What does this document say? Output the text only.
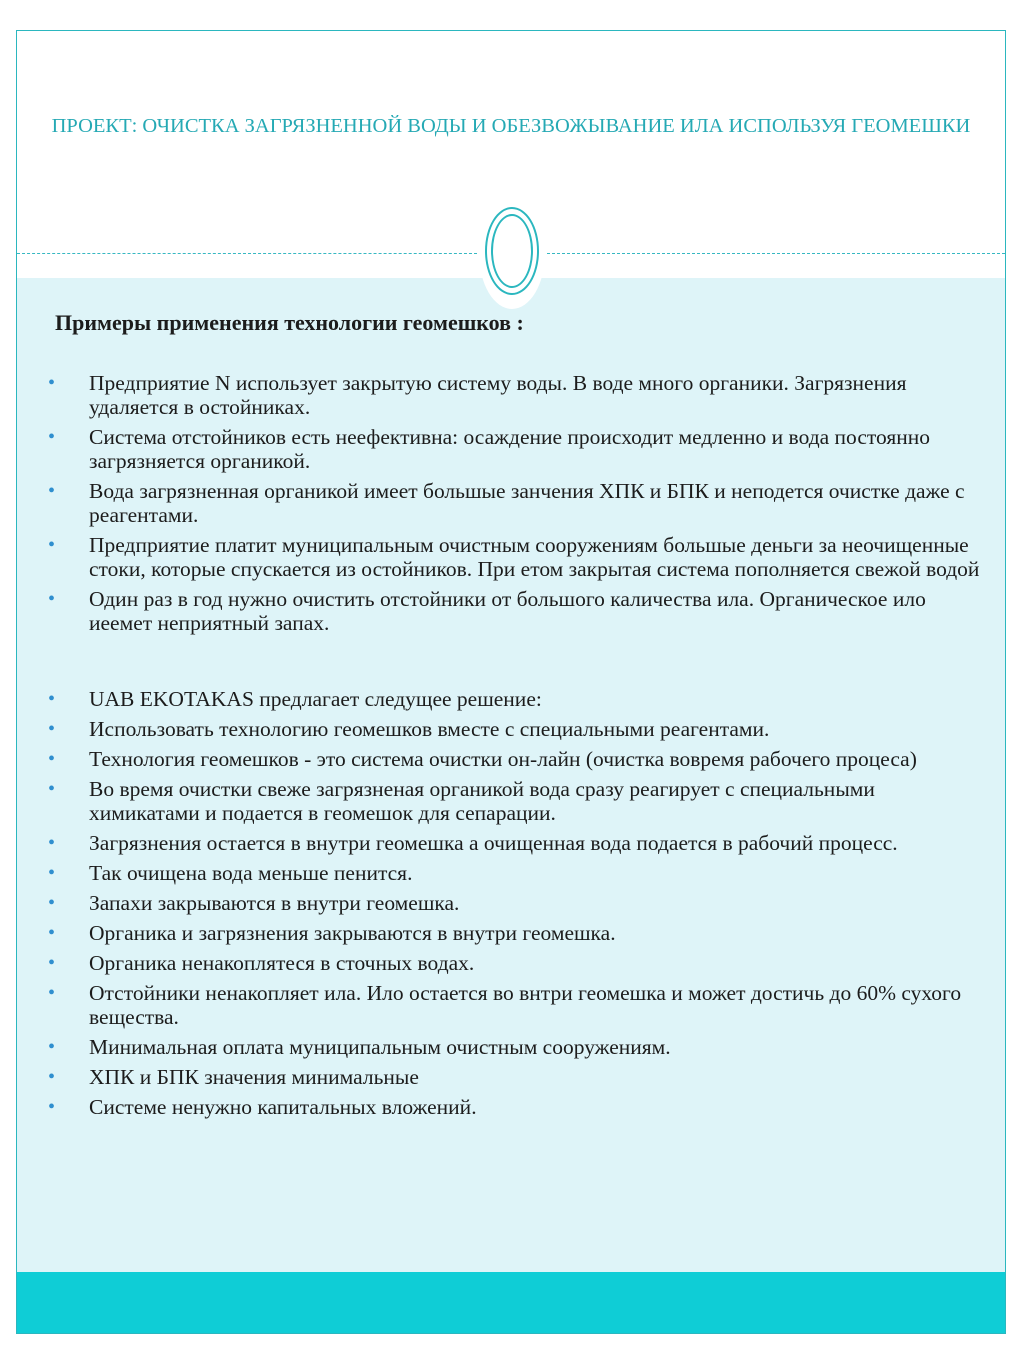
ПРОЕКТ: ОЧИСТКА ЗАГРЯЗНЕННОЙ ВОДЫ И ОБЕЗВОЖЫВАНИЕ ИЛА ИСПОЛЬЗУЯ ГЕОМЕШКИ
Примеры применения технологии геомешков :
• Предприятие N использует закрытую систему воды. В воде много органики. Загрязнения удаляется в остойниках.
• Система отстойников есть неефективна: осаждение происходит медленно и вода постоянно загрязняется органикой.
• Вода загрязненная органикой имеет большые занчения ХПК и БПК и неподется очистке даже с реагентами.
• Предприятие платит муниципальным очистным сооружениям большые деньги за неочищенные стоки, которые спускается из остойников. При етом закрытая система пополняется свежой водой
• Один раз в год нужно очистить отстойники от большого каличества ила. Органическое ило иеемет неприятный запах.
• UAB EKOTAKAS предлагает следущее решение:
• Использовать технологию геомешков вместе с специальными реагентами.
• Технология геомешков - это система очистки он-лайн (очистка вовремя рабочего процеса)
• Во время очистки свеже загрязненая органикой вода сразу реагирует с специальными химикатами и подается в геомешок для сепарации.
• Загрязнения остается в внутри геомешка а очищенная вода подается в рабочий процесс.
• Так очищена вода меньше пенится.
• Запахи закрываются в внутри геомешка.
• Органика и загрязнения закрываются в внутри геомешка.
• Органика ненакоплятеся в сточных водах.
• Отстойники ненакопляет ила. Ило остается во внтри геомешка и может достичь до 60% сухого вещества.
• Минимальная оплата муниципальным очистным сооружениям.
• ХПК и БПК значения минимальные
• Системе ненужно капитальных вложений.
